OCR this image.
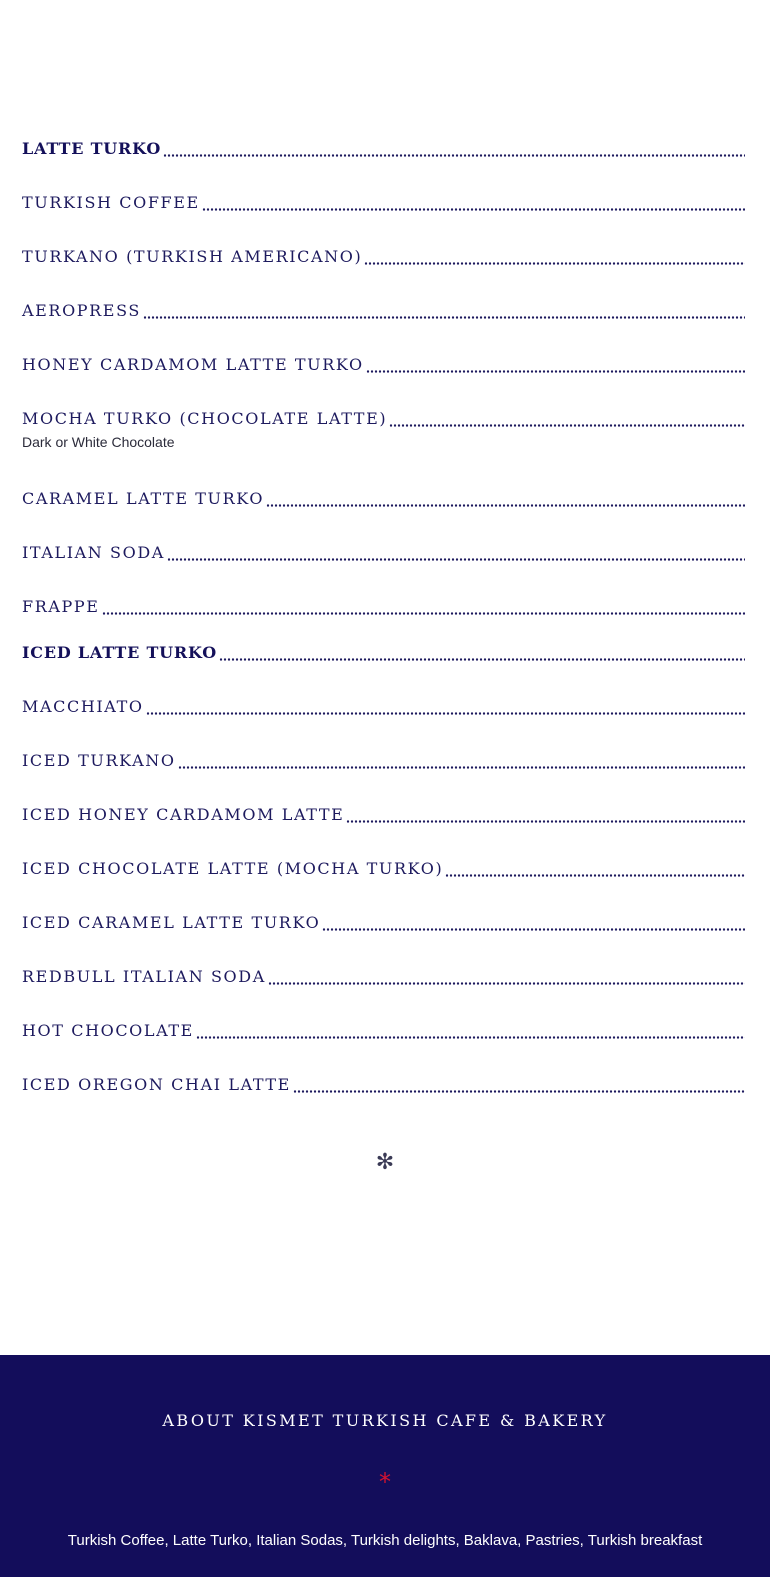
LATTE TURKO
TURKISH COFFEE
TURKANO (TURKISH AMERICANO)
AEROPRESS
HONEY CARDAMOM LATTE TURKO
MOCHA TURKO (CHOCOLATE LATTE)
Dark or White Chocolate
CARAMEL LATTE TURKO
ITALIAN SODA
FRAPPE
ICED LATTE TURKO
MACCHIATO
ICED TURKANO
ICED HONEY CARDAMOM LATTE
ICED CHOCOLATE LATTE (MOCHA TURKO)
ICED CARAMEL LATTE TURKO
REDBULL ITALIAN SODA
HOT CHOCOLATE
ICED OREGON CHAI LATTE
✻
ABOUT KISMET TURKISH CAFE & BAKERY
*
Turkish Coffee, Latte Turko, Italian Sodas, Turkish delights, Baklava, Pastries, Turkish breakfast
